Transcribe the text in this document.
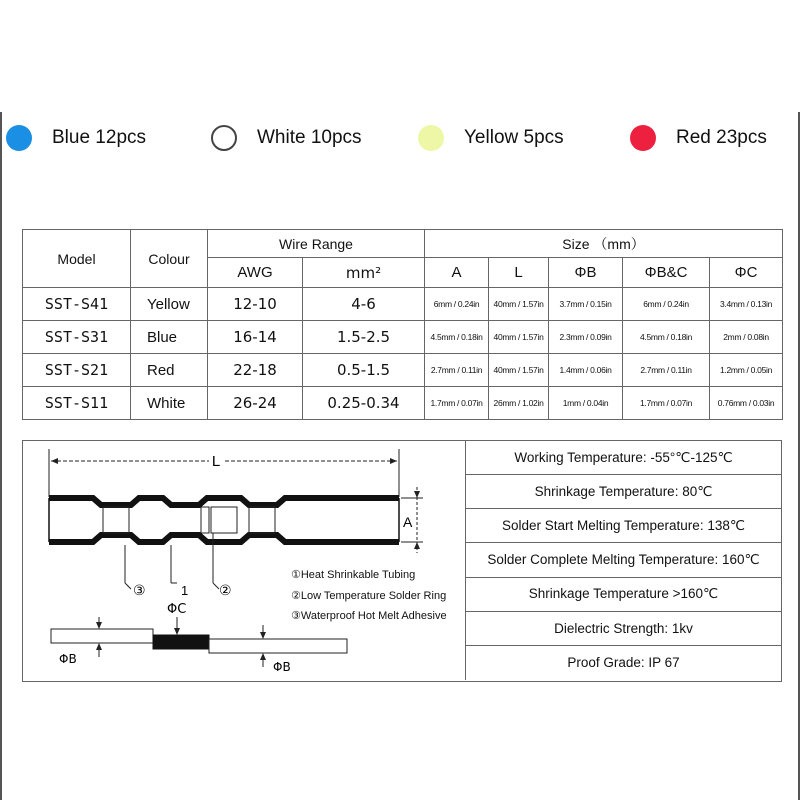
Blue 12pcs	White 10pcs	Yellow 5pcs	Red 23pcs
Model	Colour	Wire Range		Size （mm）				
		AWG	mm²	A	L	ΦB	ΦB&C	ΦC
SST-S41	Yellow	12-10	4-6	6mm / 0.24in	40mm / 1.57in	3.7mm / 0.15in	6mm / 0.24in	3.4mm / 0.13in
SST-S31	Blue	16-14	1.5-2.5	4.5mm / 0.18in	40mm / 1.57in	2.3mm / 0.09in	4.5mm / 0.18in	2mm / 0.08in
SST-S21	Red	22-18	0.5-1.5	2.7mm / 0.11in	40mm / 1.57in	1.4mm / 0.06in	2.7mm / 0.11in	1.2mm / 0.05in
SST-S11	White	26-24	0.25-0.34	1.7mm / 0.07in	26mm / 1.02in	1mm / 0.04in	1.7mm / 0.07in	0.76mm / 0.03in
L
A
③	1 ②
ΦC
ΦB
ΦB
①Heat Shrinkable Tubing
②Low Temperature Solder Ring
③Waterproof Hot Melt Adhesive
Working Temperature: -55°℃-125℃
Shrinkage Temperature: 80℃
Solder Start Melting Temperature: 138℃
Solder Complete Melting Temperature: 160℃
Shrinkage Temperature >160℃
Dielectric Strength: 1kv
Proof Grade: IP 67
